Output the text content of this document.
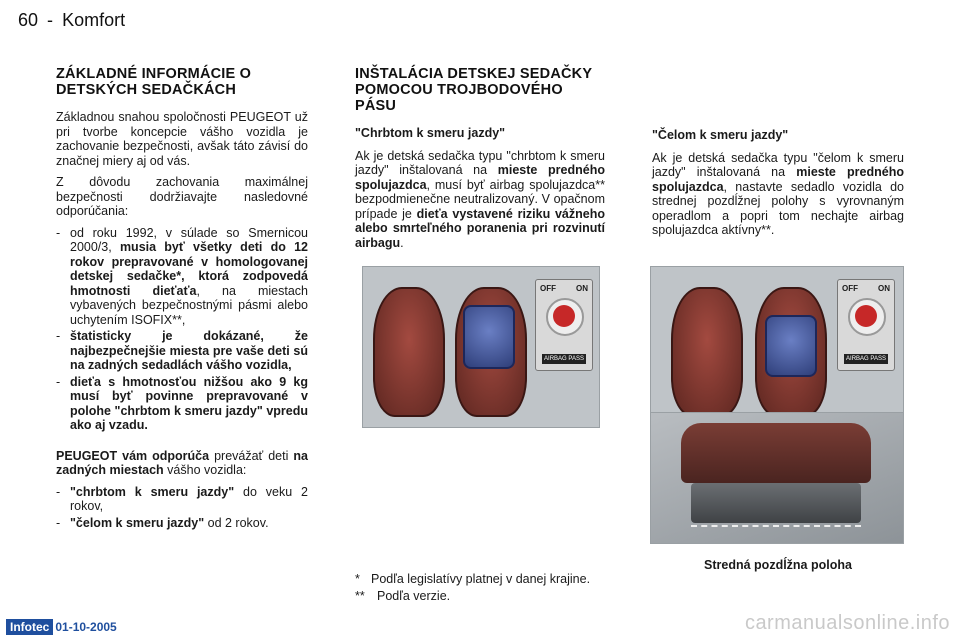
60 - Komfort
ZÁKLADNÉ INFORMÁCIE O DETSKÝCH SEDAČKÁCH

Základnou snahou spoločnosti PEUGEOT už pri tvorbe koncepcie vášho vozidla je zachovanie bezpečnosti, avšak táto závisí do značnej miery aj od vás.

Z dôvodu zachovania maximálnej bezpečnosti dodržiavajte nasledovné odporúčania:

- od roku 1992, v súlade so Smernicou 2000/3, musia byť všetky deti do 12 rokov prepravované v homologovanej detskej sedačke*, ktorá zodpovedá hmotnosti dieťaťa, na miestach vybavených bezpečnostnými pásmi alebo uchytením ISOFIX**,
- štatisticky je dokázané, že najbezpečnejšie miesta pre vaše deti sú na zadných sedadlách vášho vozidla,
- dieťa s hmotnosťou nižšou ako 9 kg musí byť povinne prepravované v polohe "chrbtom k smeru jazdy" vpredu ako aj vzadu.

PEUGEOT vám odporúča prevážať deti na zadných miestach vášho vozidla:

- "chrbtom k smeru jazdy" do veku 2 rokov,
- "čelom k smeru jazdy" od 2 rokov.
INŠTALÁCIA DETSKEJ SEDAČKY POMOCOU TROJBODOVÉHO PÁSU
"Chrbtom k smeru jazdy"

Ak je detská sedačka typu "chrbtom k smeru jazdy" inštalovaná na mieste predného spolujazdca, musí byť airbag spolujazdca** bezpodmienečne neutralizovaný. V opačnom prípade je dieťa vystavené riziku vážneho alebo smrteľného poranenia pri rozvinutí airbagu.

"Čelom k smeru jazdy"

Ak je detská sedačka typu "čelom k smeru jazdy" inštalovaná na mieste predného spolujazdca, nastavte sedadlo vozidla do strednej pozdĺžnej polohy s vyrovnaným operadlom a popri tom nechajte airbag spolujazdca aktívny**.

OFF	ON
AIRBAG PASS
OFF	ON
AIRBAG PASS
Stredná pozdĺžna poloha
* Podľa legislatívy platnej v danej krajine.
** Podľa verzie.
Infotec 01-10-2005	carmanualsonline.info
